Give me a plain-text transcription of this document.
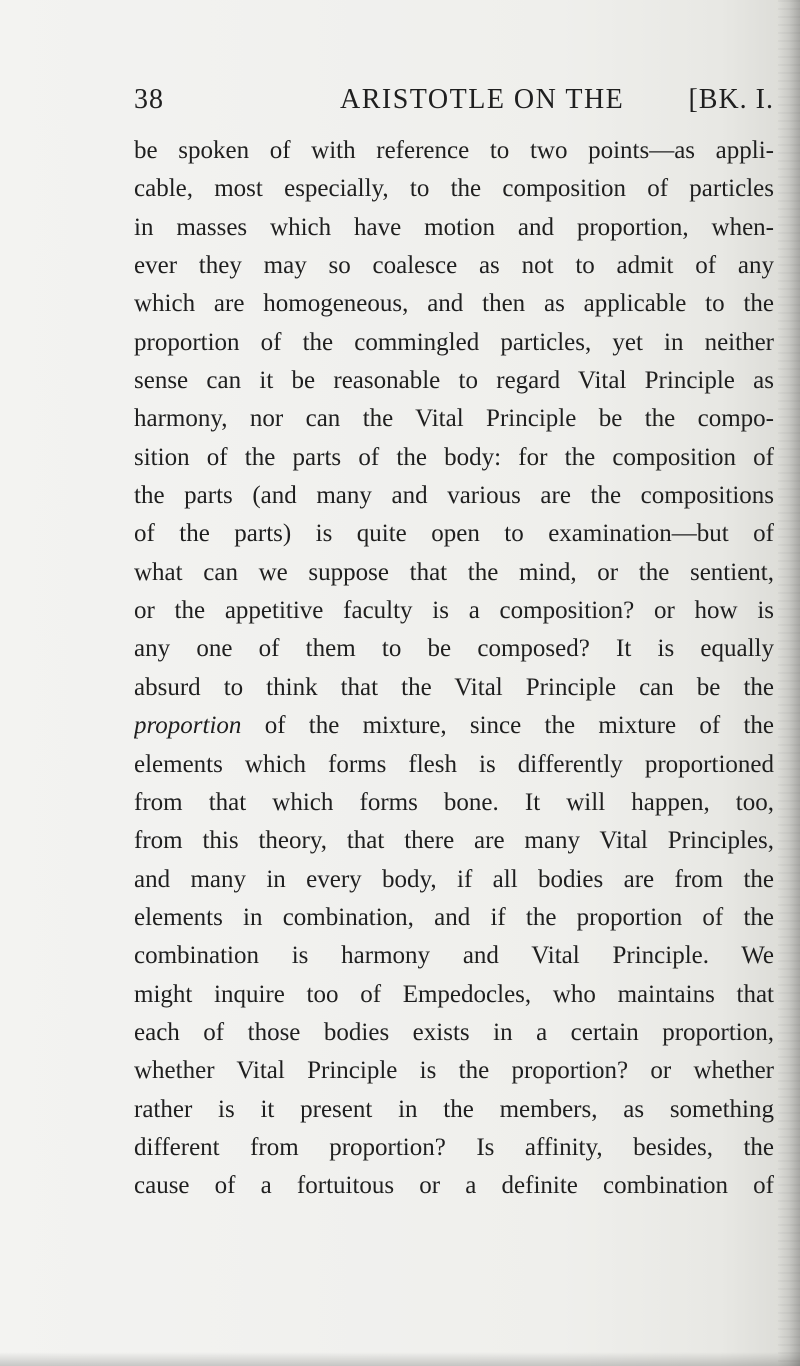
38	ARISTOTLE ON THE [BK. I.
be spoken of with reference to two points—as appli-
cable, most especially, to the composition of particles
in masses which have motion and proportion, when-
ever they may so coalesce as not to admit of any
which are homogeneous, and then as applicable to the
proportion of the commingled particles, yet in neither
sense can it be reasonable to regard Vital Principle as
harmony, nor can the Vital Principle be the compo-
sition of the parts of the body: for the composition of
the parts (and many and various are the compositions
of the parts) is quite open to examination—but of
what can we suppose that the mind, or the sentient,
or the appetitive faculty is a composition? or how is
any one of them to be composed? It is equally
absurd to think that the Vital Principle can be the
proportion of the mixture, since the mixture of the
elements which forms flesh is differently proportioned
from that which forms bone. It will happen, too,
from this theory, that there are many Vital Principles,
and many in every body, if all bodies are from the
elements in combination, and if the proportion of the
combination is harmony and Vital Principle. We
might inquire too of Empedocles, who maintains that
each of those bodies exists in a certain proportion,
whether Vital Principle is the proportion? or whether
rather is it present in the members, as something
different from proportion? Is affinity, besides, the
cause of a fortuitous or a definite combination of
